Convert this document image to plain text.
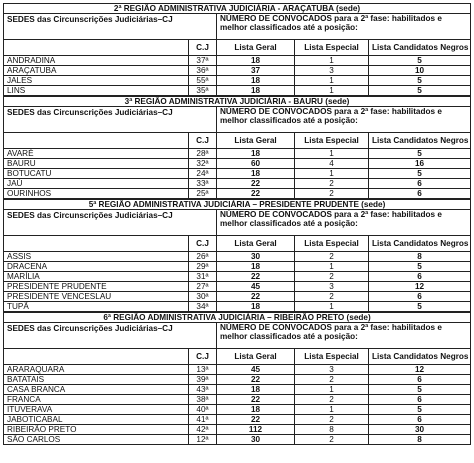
2ª REGIÃO ADMINISTRATIVA JUDICIÁRIA - ARAÇATUBA (sede)				
SEDES das Circunscrições Judiciárias–CJ		NÚMERO DE CONVOCADOS para a 2ª fase: habilitados e melhor classificados até a posição:		
	C.J	Lista Geral	Lista Especial	Lista Candidatos Negros
ANDRADINA	37ª	18	1	5
ARAÇATUBA	36ª	37	3	10
JALES	55ª	18	1	5
LINS	35ª	18	1	5
3ª REGIÃO ADMINISTRATIVA JUDICIÁRIA - BAURU (sede)				
SEDES das Circunscrições Judiciárias–CJ		NÚMERO DE CONVOCADOS para a 2ª fase: habilitados e melhor classificados até a posição:		
	C.J	Lista Geral	Lista Especial	Lista Candidatos Negros
AVARÉ	28ª	18	1	5
BAURU	32ª	60	4	16
BOTUCATU	24ª	18	1	5
JAÚ	33ª	22	2	6
OURINHOS	25ª	22	2	6
5ª REGIÃO ADMINISTRATIVA JUDICIÁRIA – PRESIDENTE PRUDENTE (sede)				
SEDES das Circunscrições Judiciárias–CJ		NÚMERO DE CONVOCADOS para a 2ª fase: habilitados e melhor classificados até a posição:		
	C.J	Lista Geral	Lista Especial	Lista Candidatos Negros
ASSIS	26ª	30	2	8
DRACENA	29ª	18	1	5
MARÍLIA	31ª	22	2	6
PRESIDENTE PRUDENTE	27ª	45	3	12
PRESIDENTE VENCESLAU	30ª	22	2	6
TUPÃ	34ª	18	1	5
6ª REGIÃO ADMINISTRATIVA JUDICIÁRIA – RIBEIRÃO PRETO (sede)				
SEDES das Circunscrições Judiciárias–CJ		NÚMERO DE CONVOCADOS para a 2ª fase: habilitados e melhor classificados até a posição:		
	C.J	Lista Geral	Lista Especial	Lista Candidatos Negros
ARARAQUARA	13ª	45	3	12
BATATAIS	39ª	22	2	6
CASA BRANCA	43ª	18	1	5
FRANCA	38ª	22	2	6
ITUVERAVA	40ª	18	1	5
JABOTICABAL	41ª	22	2	6
RIBEIRÃO PRETO	42ª	112	8	30
SÃO CARLOS	12ª	30	2	8
